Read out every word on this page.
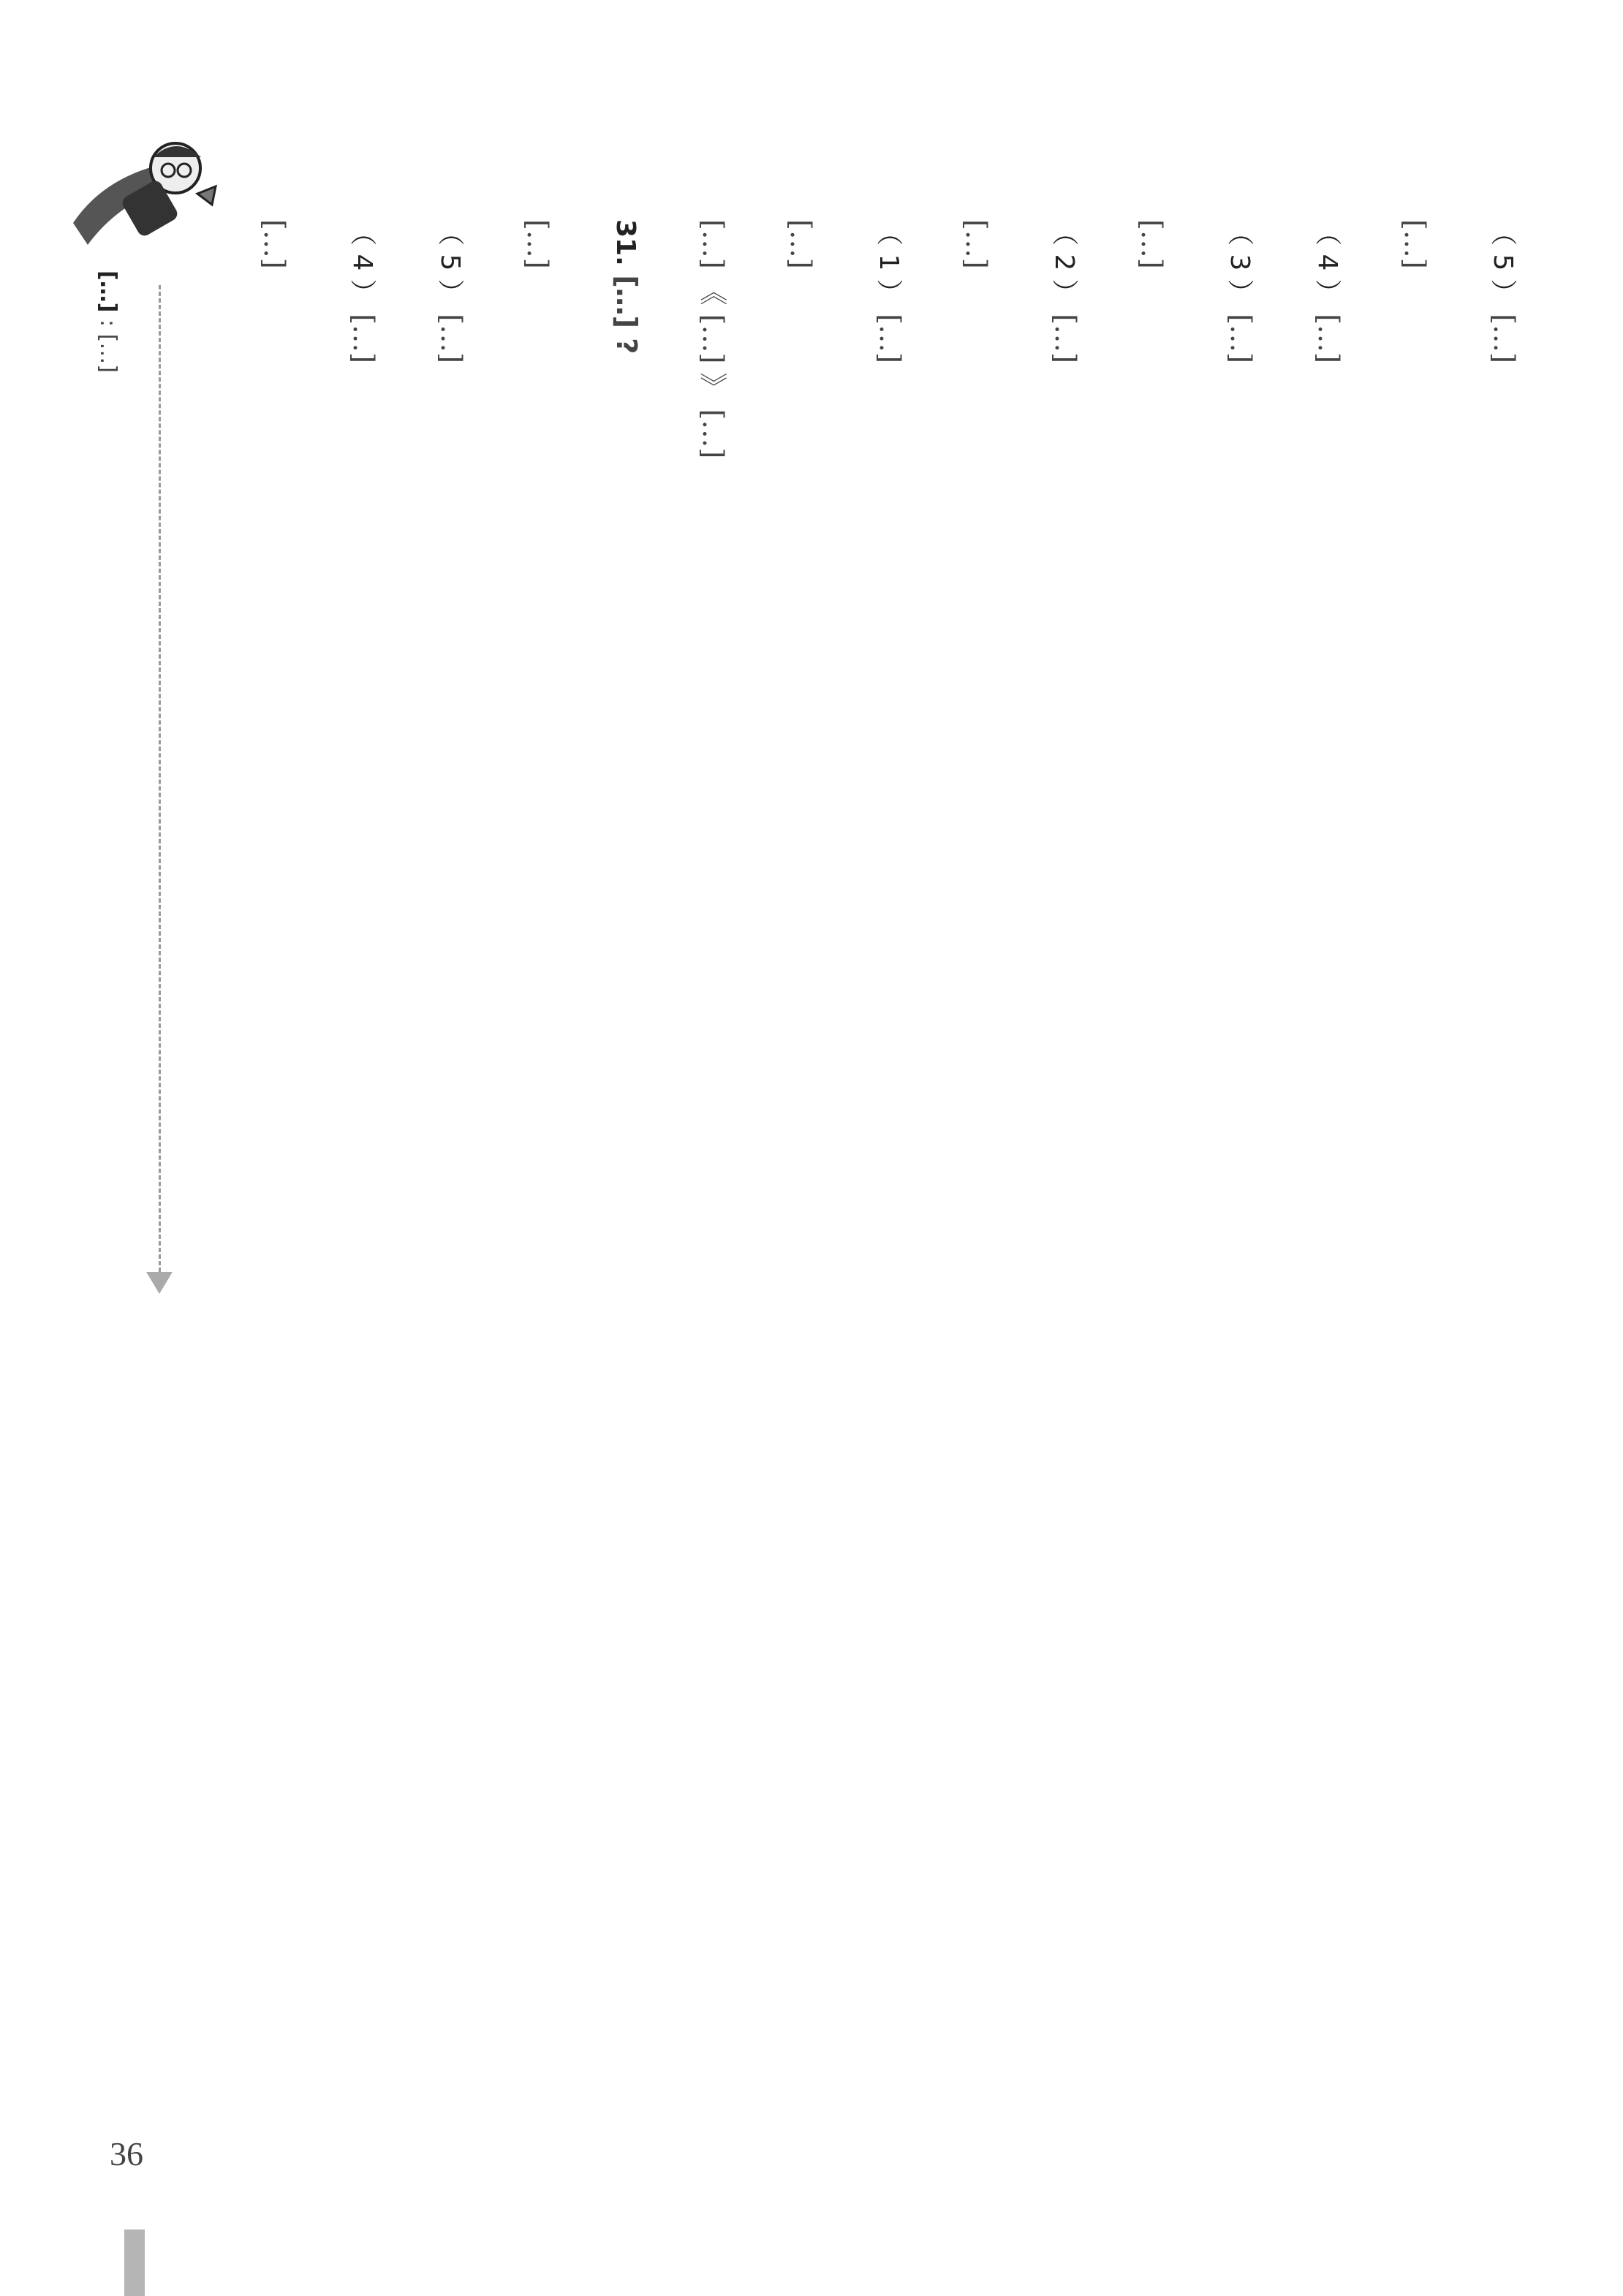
[…] : […]
[…] （ 4 ） […]
（ 5 ） […]
[…] 31. […] ? […] 《 […] 》 […] […] （ 1 ） […]
[…] （ 2 ） […]
[…] （ 3 ） […]
（ 4 ） […]
[…] （ 5 ） […]
36
